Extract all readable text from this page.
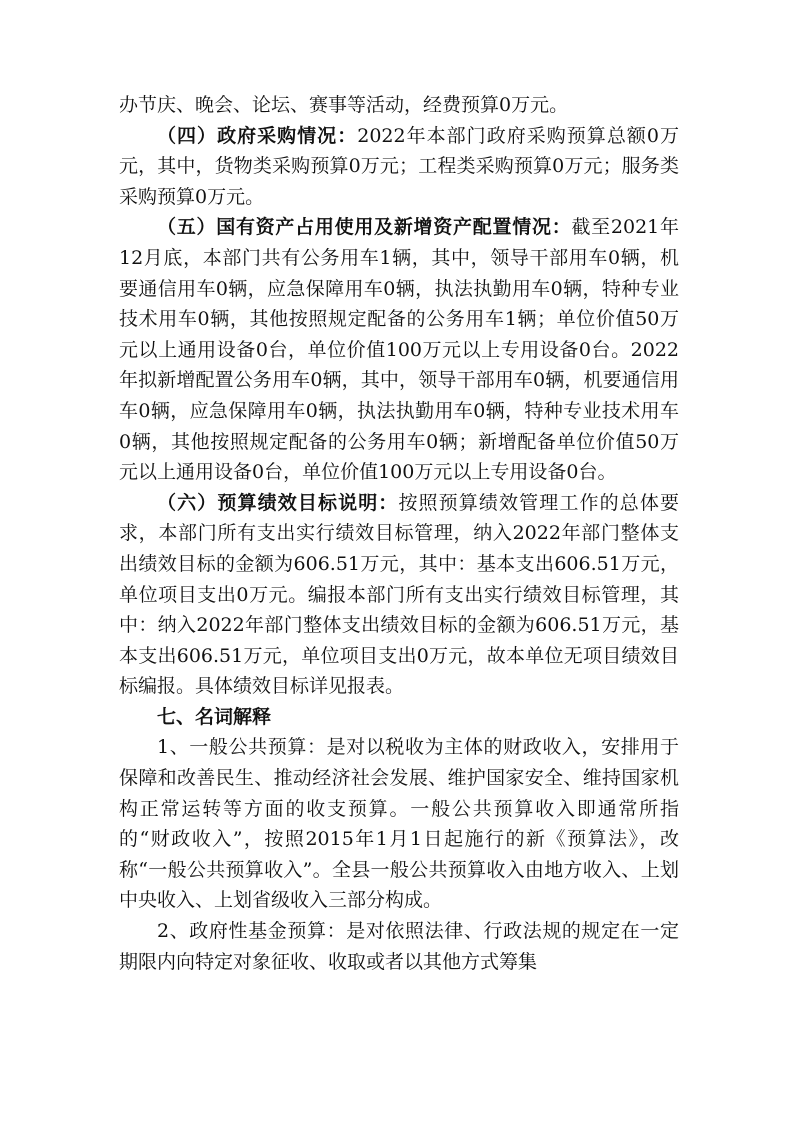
办节庆、晚会、论坛、赛事等活动，经费预算0万元。

（四）政府采购情况：2022年本部门政府采购预算总额0万元，其中，货物类采购预算0万元；工程类采购预算0万元；服务类采购预算0万元。

（五）国有资产占用使用及新增资产配置情况：截至2021年12月底，本部门共有公务用车1辆，其中，领导干部用车0辆，机要通信用车0辆，应急保障用车0辆，执法执勤用车0辆，特种专业技术用车0辆，其他按照规定配备的公务用车1辆；单位价值50万元以上通用设备0台，单位价值100万元以上专用设备0台。2022年拟新增配置公务用车0辆，其中，领导干部用车0辆，机要通信用车0辆，应急保障用车0辆，执法执勤用车0辆，特种专业技术用车0辆，其他按照规定配备的公务用车0辆；新增配备单位价值50万元以上通用设备0台，单位价值100万元以上专用设备0台。

（六）预算绩效目标说明：按照预算绩效管理工作的总体要求，本部门所有支出实行绩效目标管理，纳入2022年部门整体支出绩效目标的金额为606.51万元，其中：基本支出606.51万元，单位项目支出0万元。编报本部门所有支出实行绩效目标管理，其中：纳入2022年部门整体支出绩效目标的金额为606.51万元，基本支出606.51万元，单位项目支出0万元，故本单位无项目绩效目标编报。具体绩效目标详见报表。

七、名词解释

1、一般公共预算：是对以税收为主体的财政收入，安排用于保障和改善民生、推动经济社会发展、维护国家安全、维持国家机构正常运转等方面的收支预算。一般公共预算收入即通常所指的“财政收入”，按照2015年1月1日起施行的新《预算法》，改称“一般公共预算收入”。全县一般公共预算收入由地方收入、上划中央收入、上划省级收入三部分构成。

2、政府性基金预算：是对依照法律、行政法规的规定在一定期限内向特定对象征收、收取或者以其他方式筹集
